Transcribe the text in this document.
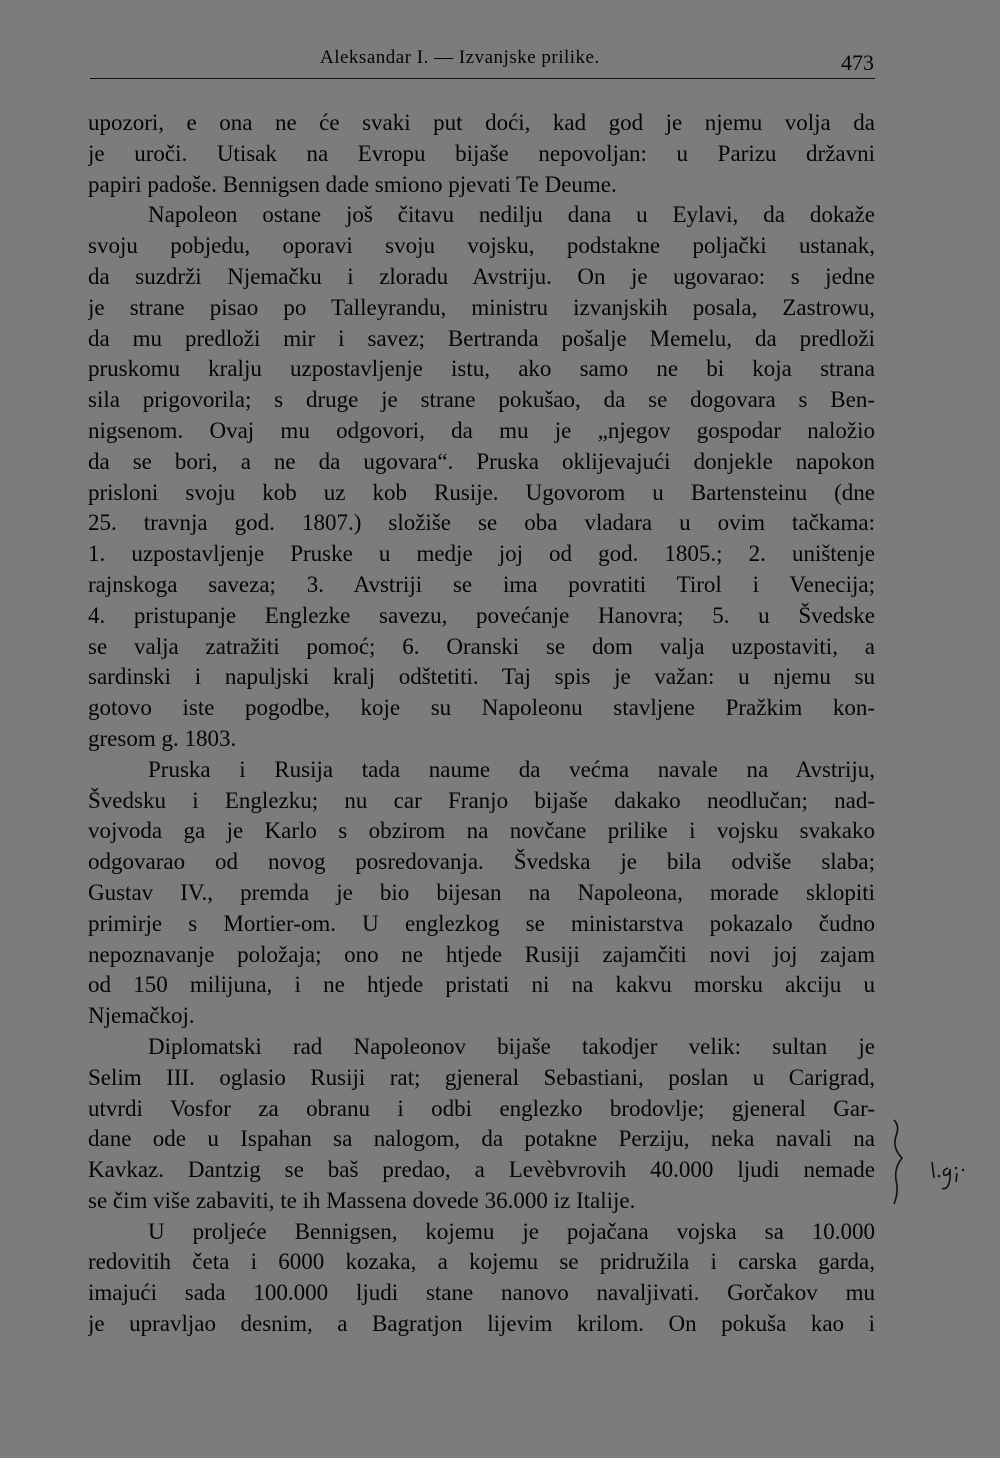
Aleksandar I. — Izvanjske prilike.	473
upozori, e ona ne će svaki put doći, kad god je njemu volja da
je uroči. Utisak na Evropu bijaše nepovoljan: u Parizu državni
papiri padoše. Bennigsen dade smiono pjevati Te Deume.
Napoleon ostane još čitavu nedilju dana u Eylavi, da dokaže
svoju pobjedu, oporavi svoju vojsku, podstakne poljački ustanak,
da suzdrži Njemačku i zloradu Avstriju. On je ugovarao: s jedne
je strane pisao po Talleyrandu, ministru izvanjskih posala, Zastrowu,
da mu predloži mir i savez; Bertranda pošalje Memelu, da predloži
pruskomu kralju uzpostavljenje istu, ako samo ne bi koja strana
sila prigovorila; s druge je strane pokušao, da se dogovara s Ben-
nigsenom. Ovaj mu odgovori, da mu je „njegov gospodar naložio
da se bori, a ne da ugovara“. Pruska oklijevajući donjekle napokon
prisloni svoju kob uz kob Rusije. Ugovorom u Bartensteinu (dne
25. travnja god. 1807.) složiše se oba vladara u ovim tačkama:
1. uzpostavljenje Pruske u medje joj od god. 1805.; 2. uništenje
rajnskoga saveza; 3. Avstriji se ima povratiti Tirol i Venecija;
4. pristupanje Englezke savezu, povećanje Hanovra; 5. u Švedske
se valja zatražiti pomoć; 6. Oranski se dom valja uzpostaviti, a
sardinski i napuljski kralj odštetiti. Taj spis je važan: u njemu su
gotovo iste pogodbe, koje su Napoleonu stavljene Pražkim kon-
gresom g. 1803.
Pruska i Rusija tada naume da većma navale na Avstriju,
Švedsku i Englezku; nu car Franjo bijaše dakako neodlučan; nad-
vojvoda ga je Karlo s obzirom na novčane prilike i vojsku svakako
odgovarao od novog posredovanja. Švedska je bila odviše slaba;
Gustav IV., premda je bio bijesan na Napoleona, morade sklopiti
primirje s Mortier-om. U englezkog se ministarstva pokazalo čudno
nepoznavanje položaja; ono ne htjede Rusiji zajamčiti novi joj zajam
od 150 milijuna, i ne htjede pristati ni na kakvu morsku akciju u
Njemačkoj.
Diplomatski rad Napoleonov bijaše takodjer velik: sultan je
Selim III. oglasio Rusiji rat; gjeneral Sebastiani, poslan u Carigrad,
utvrdi Vosfor za obranu i odbi englezko brodovlje; gjeneral Gar-
dane ode u Ispahan sa nalogom, da potakne Perziju, neka navali na
Kavkaz. Dantzig se baš predao, a Levèbvrovih 40.000 ljudi nemade
se čim više zabaviti, te ih Massena dovede 36.000 iz Italije.
U proljeće Bennigsen, kojemu je pojačana vojska sa 10.000
redovitih četa i 6000 kozaka, a kojemu se pridružila i carska garda,
imajući sada 100.000 ljudi stane nanovo navaljivati. Gorčakov mu
je upravljao desnim, a Bagratjon lijevim krilom. On pokuša kao i
